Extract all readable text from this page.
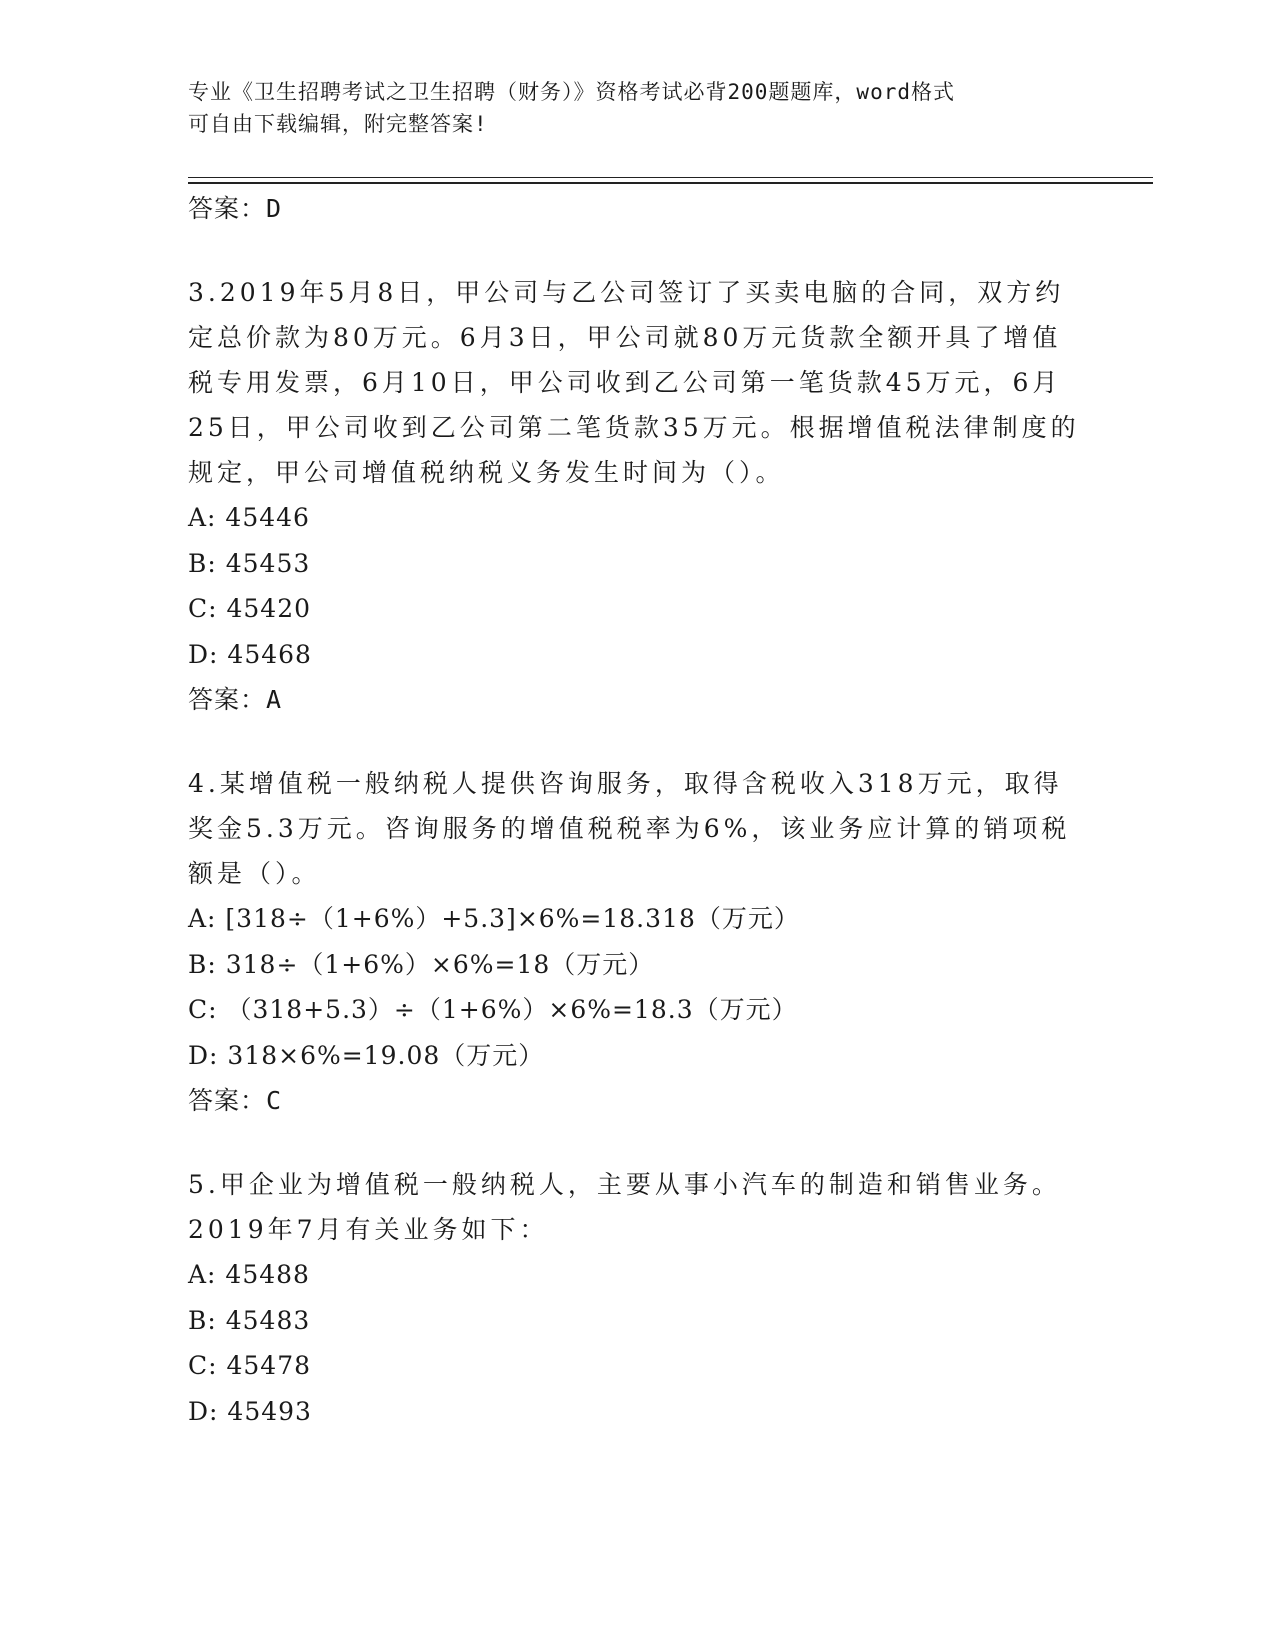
专业《卫生招聘考试之卫生招聘（财务）》资格考试必背200题题库，word格式
可自由下载编辑，附完整答案!
答案：D
3.2019年5月8日，甲公司与乙公司签订了买卖电脑的合同，双方约
定总价款为80万元。6月3日，甲公司就80万元货款全额开具了增值
税专用发票，6月10日，甲公司收到乙公司第一笔货款45万元，6月
25日，甲公司收到乙公司第二笔货款35万元。根据增值税法律制度的
规定，甲公司增值税纳税义务发生时间为（）。
A: 45446
B: 45453
C: 45420
D: 45468
答案：A
4.某增值税一般纳税人提供咨询服务，取得含税收入318万元，取得
奖金5.3万元。咨询服务的增值税税率为6%，该业务应计算的销项税
额是（）。
A: [318÷（1+6%）+5.3]×6%=18.318（万元）
B: 318÷（1+6%）×6%=18（万元）
C: （318+5.3）÷（1+6%）×6%=18.3（万元）
D: 318×6%=19.08（万元）
答案：C
5.甲企业为增值税一般纳税人，主要从事小汽车的制造和销售业务。
2019年7月有关业务如下：
A: 45488
B: 45483
C: 45478
D: 45493
